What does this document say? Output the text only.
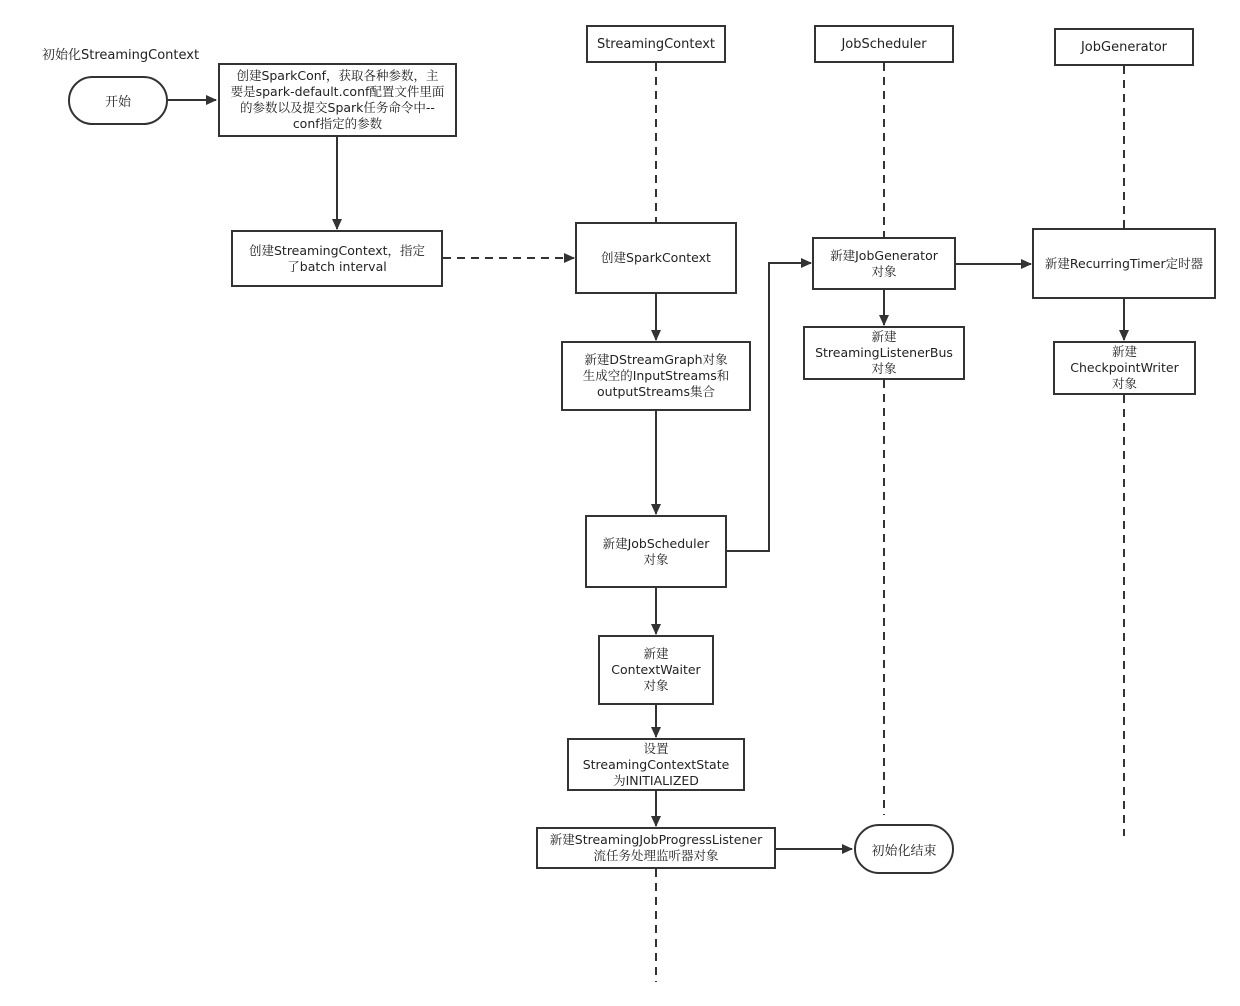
初始化StreamingContext
StreamingContext	JobScheduler	JobGenerator
开始
初始化结束
创建SparkConf，获取各种参数，主
要是spark-default.conf配置文件里面
的参数以及提交Spark任务命令中--
conf指定的参数
创建StreamingContext，指定
了batch interval
创建SparkContext
新建DStreamGraph对象
生成空的InputStreams和
outputStreams集合
新建JobScheduler
对象
新建
ContextWaiter
对象
设置
StreamingContextState
为INITIALIZED
新建StreamingJobProgressListener
流任务处理监听器对象
新建JobGenerator
对象
新建
StreamingListenerBus
对象
新建RecurringTimer定时器
新建
CheckpointWriter
对象
